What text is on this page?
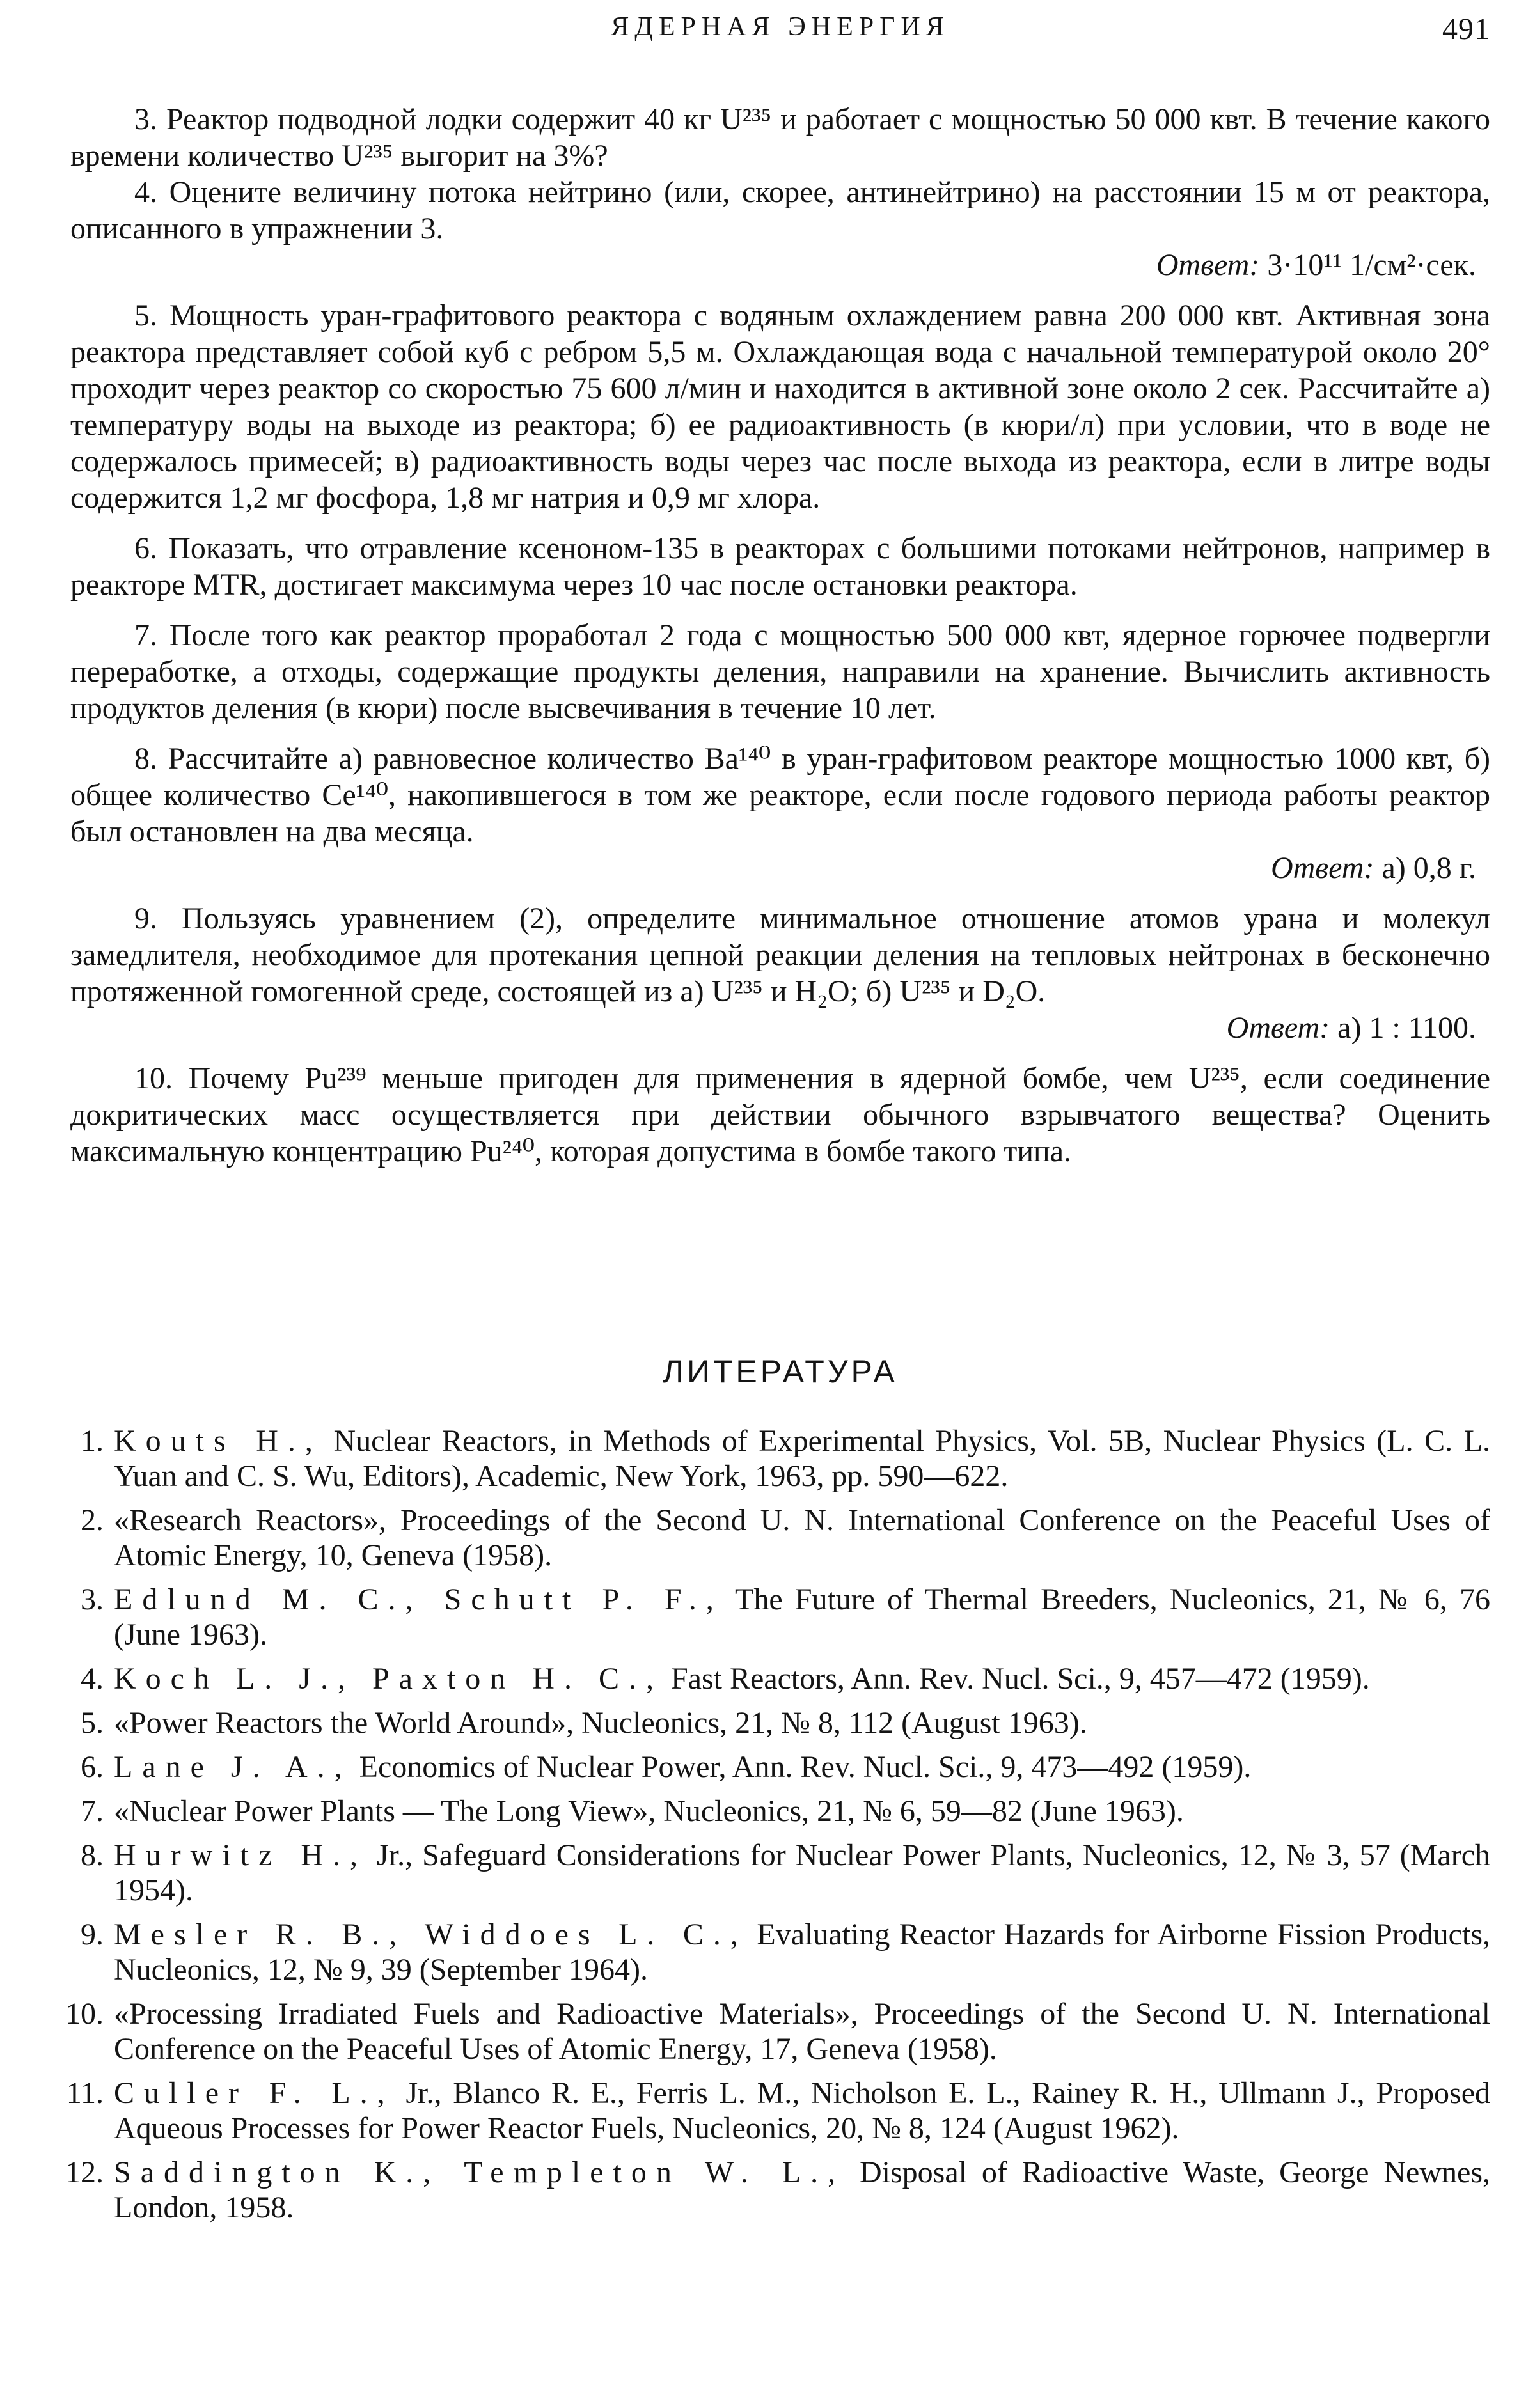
ЯДЕРНАЯ ЭНЕРГИЯ	491

3. Реактор подводной лодки содержит 40 кг U²³⁵ и работает с мощностью 50 000 квт. В течение какого времени количество U²³⁵ выгорит на 3%?

4. Оцените величину потока нейтрино (или, скорее, антинейтрино) на расстоянии 15 м от реактора, описанного в упражнении 3.

Ответ: 3·10¹¹ 1/см²·сек.

5. Мощность уран-графитового реактора с водяным охлаждением равна 200 000 квт. Активная зона реактора представляет собой куб с ребром 5,5 м. Охлаждающая вода с начальной температурой около 20° проходит через реактор со скоростью 75 600 л/мин и находится в активной зоне около 2 сек. Рассчитайте а) температуру воды на выходе из реактора; б) ее радиоактивность (в кюри/л) при условии, что в воде не содержалось примесей; в) радиоактивность воды через час после выхода из реактора, если в литре воды содержится 1,2 мг фосфора, 1,8 мг натрия и 0,9 мг хлора.

6. Показать, что отравление ксеноном-135 в реакторах с большими потоками нейтронов, например в реакторе MTR, достигает максимума через 10 час после остановки реактора.

7. После того как реактор проработал 2 года с мощностью 500 000 квт, ядерное горючее подвергли переработке, а отходы, содержащие продукты деления, направили на хранение. Вычислить активность продуктов деления (в кюри) после высвечивания в течение 10 лет.

8. Рассчитайте а) равновесное количество Ba¹⁴⁰ в уран-графитовом реакторе мощностью 1000 квт, б) общее количество Ce¹⁴⁰, накопившегося в том же реакторе, если после годового периода работы реактор был остановлен на два месяца.

Ответ: а) 0,8 г.

9. Пользуясь уравнением (2), определите минимальное отношение атомов урана и молекул замедлителя, необходимое для протекания цепной реакции деления на тепловых нейтронах в бесконечно протяженной гомогенной среде, состоящей из а) U²³⁵ и H₂O; б) U²³⁵ и D₂O.

Ответ: а) 1 : 1100.

10. Почему Pu²³⁹ меньше пригоден для применения в ядерной бомбе, чем U²³⁵, если соединение докритических масс осуществляется при действии обычного взрывчатого вещества? Оценить максимальную концентрацию Pu²⁴⁰, которая допустима в бомбе такого типа.

ЛИТЕРАТУРА
1. Kouts H., Nuclear Reactors, in Methods of Experimental Physics, Vol. 5B, Nuclear Physics (L. C. L. Yuan and C. S. Wu, Editors), Academic, New York, 1963, pp. 590—622.
2. «Research Reactors», Proceedings of the Second U. N. International Conference on the Peaceful Uses of Atomic Energy, 10, Geneva (1958).
3. Edlund M. C., Schutt P. F., The Future of Thermal Breeders, Nucleonics, 21, № 6, 76 (June 1963).
4. Koch L. J., Paxton H. C., Fast Reactors, Ann. Rev. Nucl. Sci., 9, 457—472 (1959).
5. «Power Reactors the World Around», Nucleonics, 21, № 8, 112 (August 1963).
6. Lane J. A., Economics of Nuclear Power, Ann. Rev. Nucl. Sci., 9, 473—492 (1959).
7. «Nuclear Power Plants — The Long View», Nucleonics, 21, № 6, 59—82 (June 1963).
8. Hurwitz H., Jr., Safeguard Considerations for Nuclear Power Plants, Nucleonics, 12, № 3, 57 (March 1954).
9. Mesler R. B., Widdoes L. C., Evaluating Reactor Hazards for Airborne Fission Products, Nucleonics, 12, № 9, 39 (September 1964).
10. «Processing Irradiated Fuels and Radioactive Materials», Proceedings of the Second U. N. International Conference on the Peaceful Uses of Atomic Energy, 17, Geneva (1958).
11. Culler F. L., Jr., Blanco R. E., Ferris L. M., Nicholson E. L., Rainey R. H., Ullmann J., Proposed Aqueous Processes for Power Reactor Fuels, Nucleonics, 20, № 8, 124 (August 1962).
12. Saddington K., Templeton W. L., Disposal of Radioactive Waste, George Newnes, London, 1958.
